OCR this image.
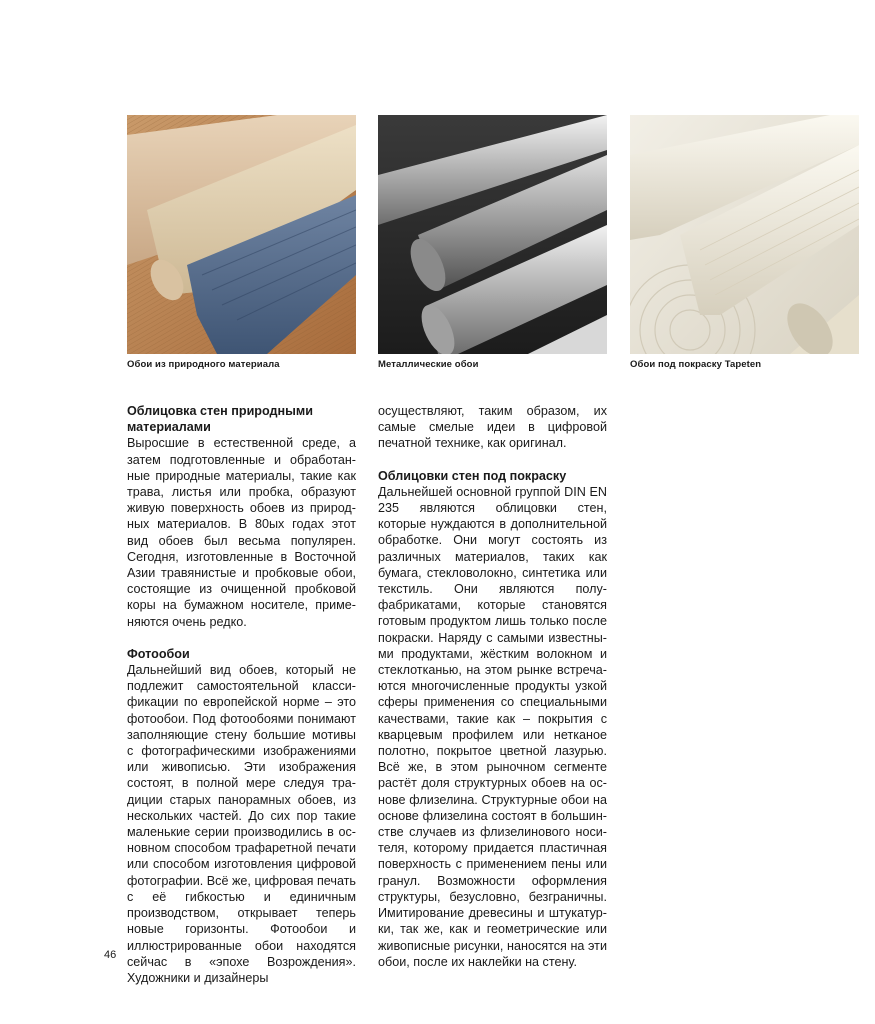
Обои из природного материала	Металлические обои	Обои под покраску Tapeten
Облицовка стен природными материалами

Выросшие в естественной среде, а затем подготовленные и обработанные природные материалы, такие как трава, листья или пробка, образуют живую поверхность обоев из природных материалов. В 80ых годах этот вид обоев был весьма популярен. Сегодня, изготовленные в Восточной Азии травянистые и пробковые обои, состоящие из очищенной пробковой коры на бумажном носителе, применяются очень редко.

Фотообои

Дальнейший вид обоев, который не подлежит самостоятельной классификации по европейской норме – это фотообои. Под фотообоями понимают заполняющие стену большие мотивы с фотографическими изображениями или живописью. Эти изображения состоят, в полной мере следуя традиции старых панорамных обоев, из нескольких частей. До сих пор такие маленькие серии производились в основном способом трафаретной печати или способом изготовления цифровой фотографии. Всё же, цифровая печать с её гибкостью и единичным производством, открывает теперь новые горизонты. Фотообои и иллюстрированные обои находятся сейчас в «эпохе Возрождения». Художники и дизайнеры

осуществляют, таким образом, их самые смелые идеи в цифровой печатной технике, как оригинал.

Облицовки стен под покраску

Дальнейшей основной группой DIN EN 235 являются облицовки стен, которые нуждаются в дополнительной обработке. Они могут состоять из различных материалов, таких как бумага, стекловолокно, синтетика или текстиль. Они являются полуфабрикатами, которые становятся готовым продуктом лишь только после покраски. Наряду с самыми известными продуктами, жёстким волокном и стеклотканью, на этом рынке встречаются многочисленные продукты узкой сферы применения со специальными качествами, такие как – покрытия с кварцевым профилем или нетканое полотно, покрытое цветной лазурью. Всё же, в этом рыночном сегменте растёт доля структурных обоев на основе флизелина. Структурные обои на основе флизелина состоят в большинстве случаев из флизелинового носителя, которому придается пластичная поверхность с применением пены или гранул. Возможности оформления структуры, безусловно, безграничны. Имитирование древесины и штукатурки, так же, как и геометрические или живописные рисунки, наносятся на эти обои, после их наклейки на стену.

46
